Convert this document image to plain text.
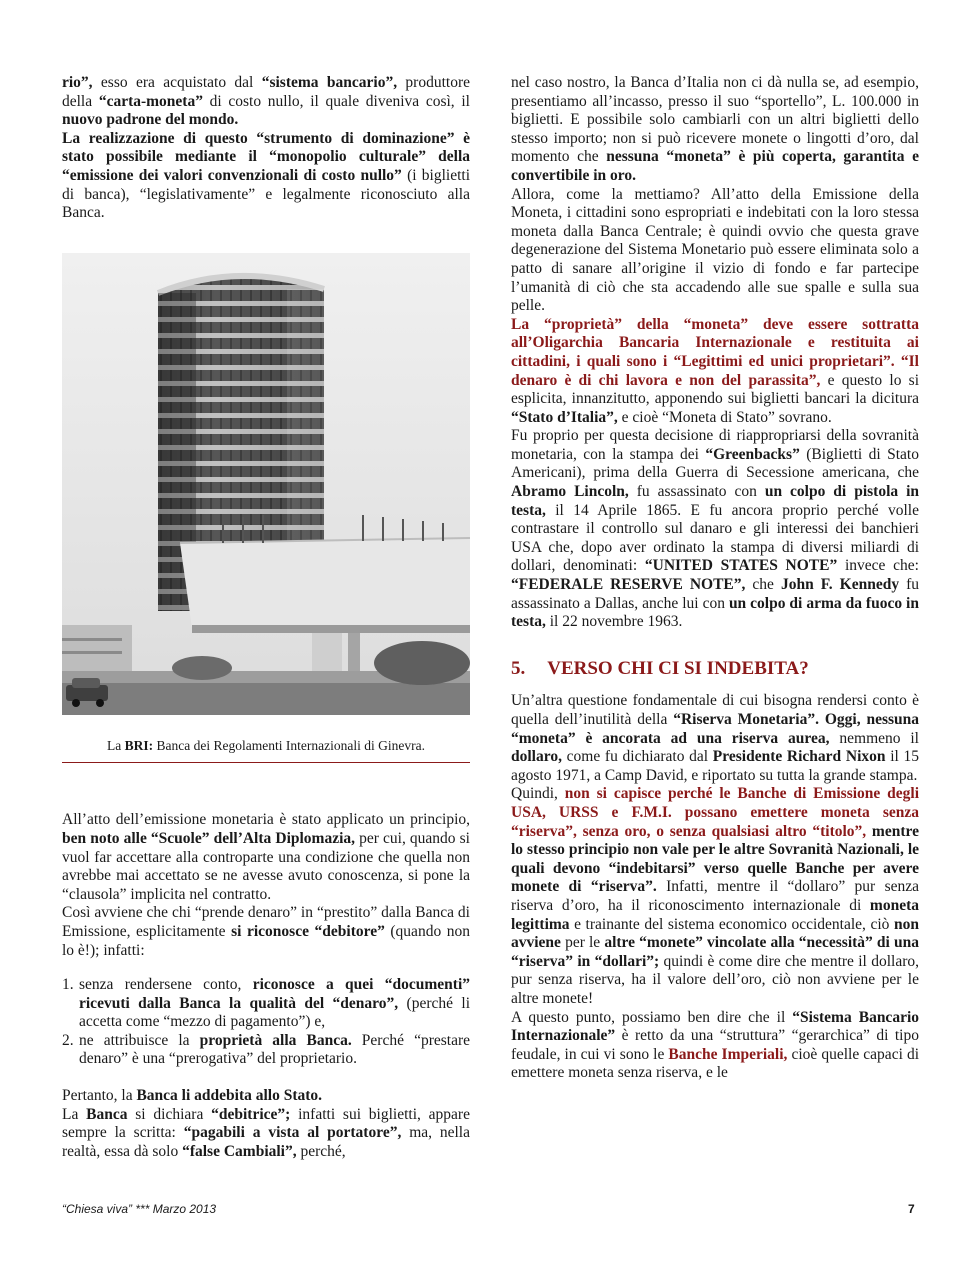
rio”, esso era acquistato dal “sistema bancario”, produttore della “carta-moneta” di costo nullo, il quale diveniva così, il nuovo padrone del mondo.

La realizzazione di questo “strumento di dominazione” è stato possibile mediante il “monopolio culturale” della “emissione dei valori convenzionali di costo nullo” (i biglietti di banca), “legislativamente” e legalmente riconosciuto alla Banca.

La BRI: Banca dei Regolamenti Internazionali di Ginevra.

All’atto dell’emissione monetaria è stato applicato un principio, ben noto alle “Scuole” dell’Alta Diplomazia, per cui, quando si vuol far accettare alla controparte una condizione che quella non avrebbe mai accettato se ne avesse avuto conoscenza, si pone la “clausola” implicita nel contratto.

Così avviene che chi “prende denaro” in “prestito” dalla Banca di Emissione, esplicitamente si riconosce “debitore” (quando non lo è!); infatti:

1. senza rendersene conto, riconosce a quei “documenti” ricevuti dalla Banca la qualità del “denaro”, (perché li accetta come “mezzo di pagamento”) e,
2. ne attribuisce la proprietà alla Banca. Perché “prestare denaro” è una “prerogativa” del proprietario.

Pertanto, la Banca li addebita allo Stato.

La Banca si dichiara “debitrice”; infatti sui biglietti, appare sempre la scritta: “pagabili a vista al portatore”, ma, nella realtà, essa dà solo “false Cambiali”, perché,

nel caso nostro, la Banca d’Italia non ci dà nulla se, ad esempio, presentiamo all’incasso, presso il suo “sportello”, L. 100.000 in biglietti. E possibile solo cambiarli con un altri biglietti dello stesso importo; non si può ricevere monete o lingotti d’oro, dal momento che nessuna “moneta” è più coperta, garantita e convertibile in oro.

Allora, come la mettiamo? All’atto della Emissione della Moneta, i cittadini sono espropriati e indebitati con la loro stessa moneta dalla Banca Centrale; è quindi ovvio che questa grave degenerazione del Sistema Monetario può essere eliminata solo a patto di sanare all’origine il vizio di fondo e far partecipe l’umanità di ciò che sta accadendo alle sue spalle e sulla sua pelle.

La “proprietà” della “moneta” deve essere sottratta all’Oligarchia Bancaria Internazionale e restituita ai cittadini, i quali sono i “Legittimi ed unici proprietari”. “Il denaro è di chi lavora e non del parassita”, e questo lo si esplicita, innanzitutto, apponendo sui biglietti bancari la dicitura “Stato d’Italia”, e cioè “Moneta di Stato” sovrano.

Fu proprio per questa decisione di riappropriarsi della sovranità monetaria, con la stampa dei “Greenbacks” (Biglietti di Stato Americani), prima della Guerra di Secessione americana, che Abramo Lincoln, fu assassinato con un colpo di pistola in testa, il 14 Aprile 1865. E fu ancora proprio perché volle contrastare il controllo sul danaro e gli interessi dei banchieri USA che, dopo aver ordinato la stampa di diversi miliardi di dollari, denominati: “UNITED STATES NOTE” invece che: “FEDERALE RESERVE NOTE”, che John F. Kennedy fu assassinato a Dallas, anche lui con un colpo di arma da fuoco in testa, il 22 novembre 1963.

5. VERSO CHI CI SI INDEBITA?

Un’altra questione fondamentale di cui bisogna rendersi conto è quella dell’inutilità della “Riserva Monetaria”. Oggi, nessuna “moneta” è ancorata ad una riserva aurea, nemmeno il dollaro, come fu dichiarato dal Presidente Richard Nixon il 15 agosto 1971, a Camp David, e riportato su tutta la grande stampa.

Quindi, non si capisce perché le Banche di Emissione degli USA, URSS e F.M.I. possano emettere moneta senza “riserva”, senza oro, o senza qualsiasi altro “titolo”, mentre lo stesso principio non vale per le altre Sovranità Nazionali, le quali devono “indebitarsi” verso quelle Banche per avere monete di “riserva”. Infatti, mentre il “dollaro” pur senza riserva d’oro, ha il riconoscimento internazionale di moneta legittima e trainante del sistema economico occidentale, ciò non avviene per le altre “monete” vincolate alla “necessità” di una “riserva” in “dollari”; quindi è come dire che mentre il dollaro, pur senza riserva, ha il valore dell’oro, ciò non avviene per le altre monete!

A questo punto, possiamo ben dire che il “Sistema Bancario Internazionale” è retto da una “struttura” “gerarchica” di tipo feudale, in cui vi sono le Banche Imperiali, cioè quelle capaci di emettere moneta senza riserva, e le

“Chiesa viva” *** Marzo 2013	7
